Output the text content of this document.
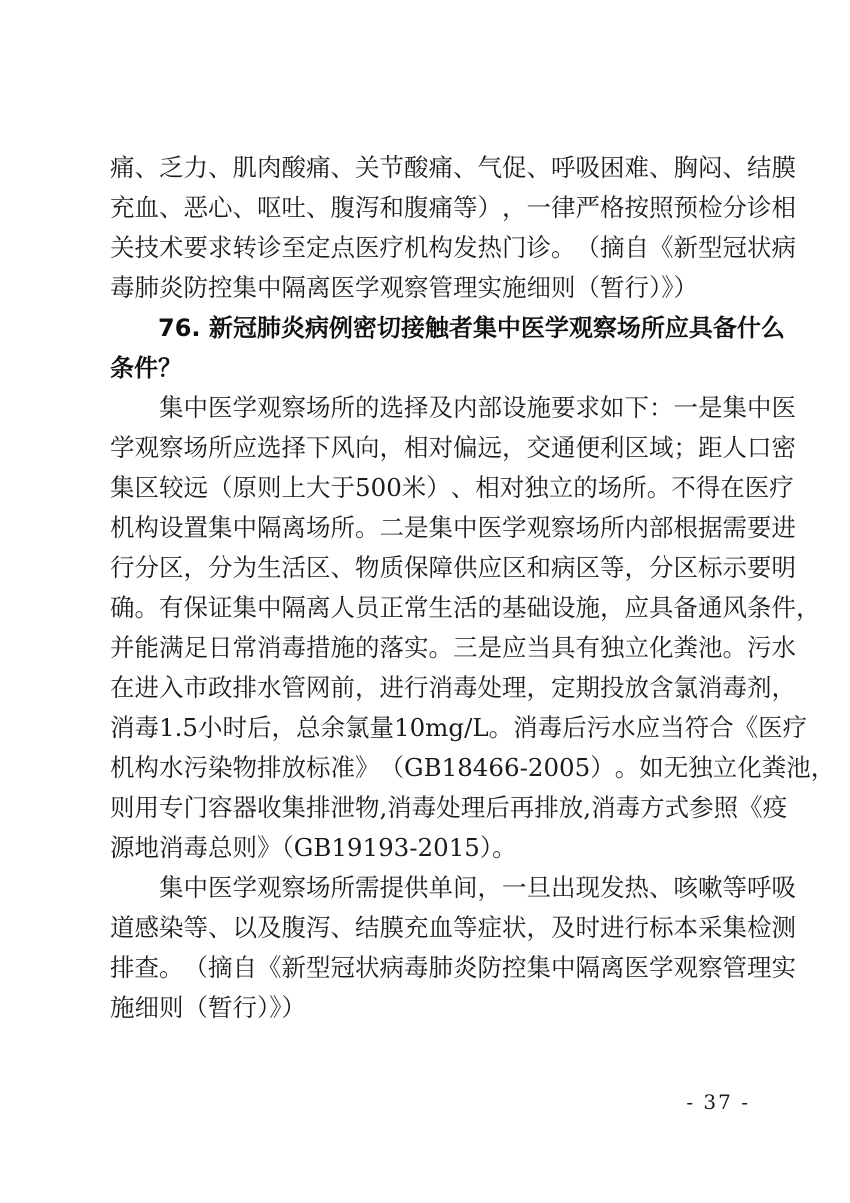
痛 、 乏 力 、 肌 肉 酸 痛 、 关 节 酸 痛 、 气 促 、 呼 吸 困 难 、 胸 闷 、 结 膜
充 血 、 恶 心 、 呕 吐 、 腹 泻 和 腹 痛 等 ） ， 一 律 严 格 按 照 预 检 分 诊 相
关 技 术 要 求 转 诊 至 定 点 医 疗 机 构 发 热 门 诊 。 （ 摘 自 《 新 型 冠 状 病
毒肺炎防控集中隔离医学观察管理实施细则（暂行）》）
7 6 .
新 冠 肺 炎 病 例 密 切 接 触 者 集 中 医 学 观 察 场 所 应 具 备 什 么
条件？
集 中 医 学 观 察 场 所 的 选 择 及 内 部 设 施 要 求 如 下 ： 一 是 集 中 医
学 观 察 场 所 应 选 择 下 风 向 ， 相 对 偏 远 ， 交 通 便 利 区 域 ； 距 人 口 密
集 区 较 远 （ 原 则 上 大 于 5 0 0 米 ） 、 相 对 独 立 的 场 所 。 不 得 在 医 疗
机 构 设 置 集 中 隔 离 场 所 。 二 是 集 中 医 学 观 察 场 所 内 部 根 据 需 要 进
行 分 区 ， 分 为 生 活 区 、 物 质 保 障 供 应 区 和 病 区 等 ， 分 区 标 示 要 明
确 。 有 保 证 集 中 隔 离 人 员 正 常 生 活 的 基 础 设 施 ， 应 具 备 通 风 条 件 ，
并 能 满 足 日 常 消 毒 措 施 的 落 实 。 三 是 应 当 具 有 独 立 化 粪 池 。 污 水
在 进 入 市 政 排 水 管 网 前 ， 进 行 消 毒 处 理 ， 定 期 投 放 含 氯 消 毒 剂 ，
消 毒 1 . 5 小 时 后 ， 总 余 氯 量 1 0 m g / L 。 消 毒 后 污 水 应 当 符 合 《 医 疗
机 构 水 污 染 物 排 放 标 准 》 （ G B 1 8 4 6 6 - 2 0 0 5 ） 。 如 无 独 立 化 粪 池 ，
则 用 专 门 容 器 收 集 排 泄 物 , 消 毒 处 理 后 再 排 放 , 消 毒 方 式 参 照 《 疫
源地消毒总则》（GB19193-2015）。
集 中 医 学 观 察 场 所 需 提 供 单 间 ， 一 旦 出 现 发 热 、 咳 嗽 等 呼 吸
道 感 染 等 、 以 及 腹 泻 、 结 膜 充 血 等 症 状 ， 及 时 进 行 标 本 采 集 检 测
排 查 。 （ 摘 自 《 新 型 冠 状 病 毒 肺 炎 防 控 集 中 隔 离 医 学 观 察 管 理 实
施细则（暂行）》）
- 37 -
